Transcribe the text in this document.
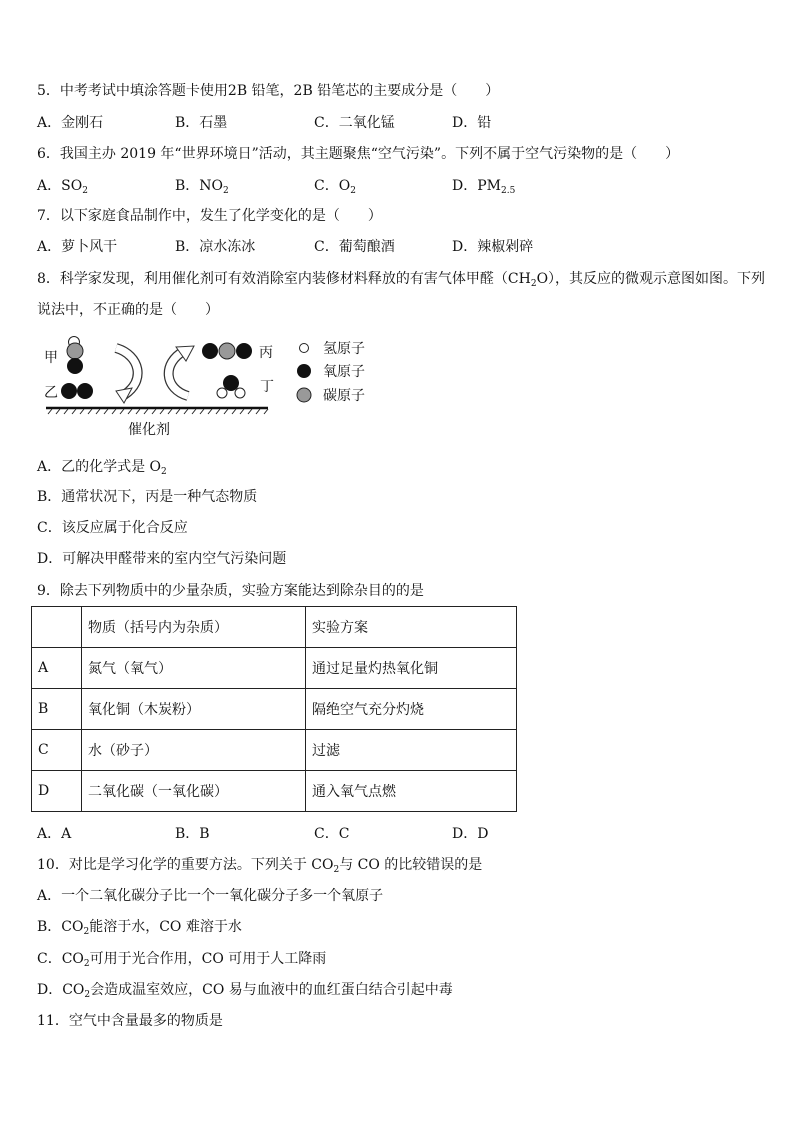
5．中考考试中填涂答题卡使用2B 铅笔，2B 铅笔芯的主要成分是（　　）
A．金刚石	B．石墨	C．二氧化锰	D．铅
6．我国主办 2019 年“世界环境日”活动，其主题聚焦“空气污染”。下列不属于空气污染物的是（　　）
A．$SO_2$	B．$NO_2$	C．$O_2$	D．$PM_{2.5}$
7．以下家庭食品制作中，发生了化学变化的是（　　）
A．萝卜风干	B．凉水冻冰	C．葡萄酿酒	D．辣椒剁碎
8．科学家发现，利用催化剂可有效消除室内装修材料释放的有害气体甲醛$(CH_2O)$，其反应的微观示意图如图。下列
说法中，不正确的是（　　）
甲
乙
丙
丁
催化剂
氢原子
氧原子
碳原子
A．乙的化学式是 $O_2$
B．通常状况下，丙是一种气态物质
C．该反应属于化合反应
D．可解决甲醛带来的室内空气污染问题
9．除去下列物质中的少量杂质，实验方案能达到除杂目的的是
	物质（括号内为杂质）	实验方案
A	氮气（氧气）	通过足量灼热氧化铜
B	氧化铜（木炭粉）	隔绝空气充分灼烧
C	水（砂子）	过滤
D	二氧化碳（一氧化碳）	通入氧气点燃
A．A	B．B	C．C	D．D
10．对比是学习化学的重要方法。下列关于 $CO_2$与 CO 的比较错误的是
A．一个二氧化碳分子比一个一氧化碳分子多一个氧原子
B．$CO_2$能溶于水，CO 难溶于水
C．$CO_2$可用于光合作用，CO 可用于人工降雨
D．$CO_2$会造成温室效应，CO 易与血液中的血红蛋白结合引起中毒
11．空气中含量最多的物质是
